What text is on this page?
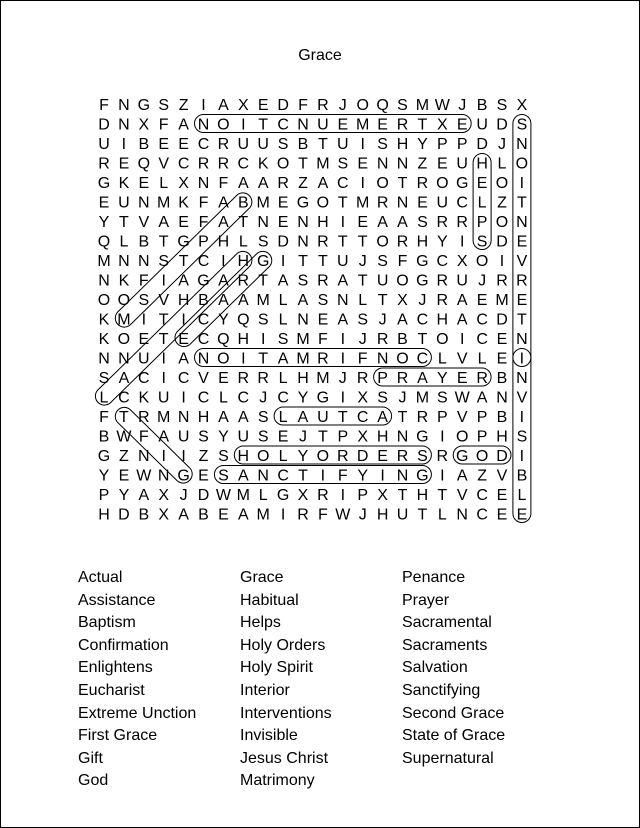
Grace
F N G S Z I A X E D F R J O Q S M W J B S X
D N X F A N O I T C N U E M E R T X E U D S
U I B E E C R U U S B T U I S H Y P P D J N
R E Q V C R R C K O T M S E N N Z E U H L O
G K E L X N F A A R Z A C I O T R O G E O I
E U N M K F A B M E G O T M R N E U C L Z T
Y T V A E F A T N E N H I E A A S R R P O N
Q L B T G P H L S D N R T T O R H Y I S D E
M N N S T C I H G I T T U J S F G C X O I V
N K F I A G A R T A S R A T U O G R U J R R
O O S V H B A A M L A S N L T X J R A E M E
K M I T I C Y Q S L N E A S J A C H A C D T
K O E T E C Q H I S M F I J R B T O I C E N
N N U I A N O I T A M R I F N O C L V L E I
S A C I C V E R R L H M J R P R A Y E R B N
L C K U I C L C J C Y G I X S J M S W A N V
F T R M N H A A S L A U T C A T R P V P B I
B W F A U S Y U S E J T P X H N G I O P H S
G Z N I I Z S H O L Y O R D E R S R G O D I
Y E W N G E S A N C T I F Y I N G I A Z V B
P Y A X J D W M L G X R I P X T H T V C E L
H D B X A B E A M I R F W J H U T L N C E E
Actual
Assistance
Baptism
Confirmation
Enlightens
Eucharist
Extreme Unction
First Grace
Gift
God
Grace
Habitual
Helps
Holy Orders
Holy Spirit
Interior
Interventions
Invisible
Jesus Christ
Matrimony
Penance
Prayer
Sacramental
Sacraments
Salvation
Sanctifying
Second Grace
State of Grace
Supernatural
